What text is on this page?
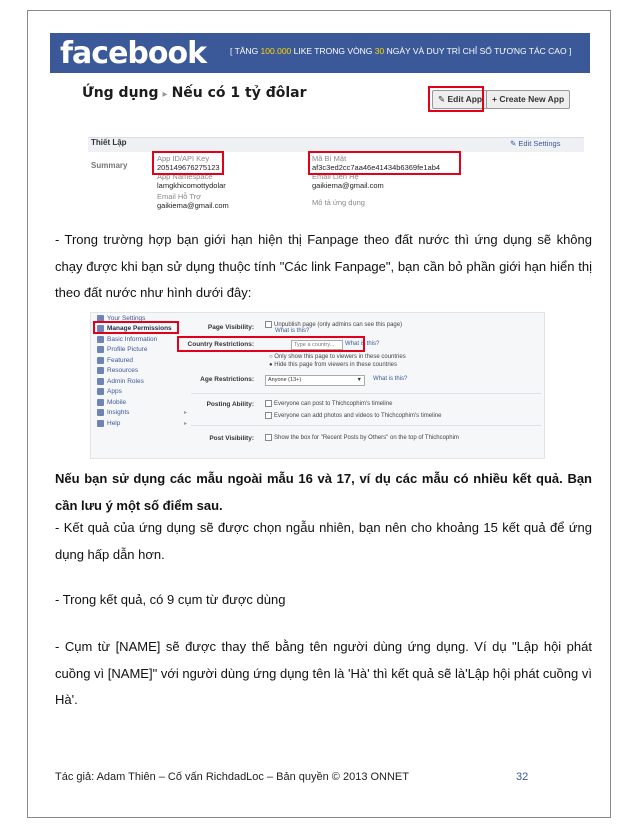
facebook	[ TĂNG 100.000 LIKE TRONG VÒNG 30 NGÀY VÀ DUY TRÌ CHỈ SỐ TƯƠNG TÁC CAO ]
Ứng dụng ▸ Nếu có 1 tỷ đôlar	✎ Edit App	+ Create New App
Thiết Lập	✎ Edit Settings
Summary
App ID/API Key
205149676275123
App Namespace
lamgkhicomottydolar
Email Hỗ Trợ
gaikiema@gmail.com
Mã Bí Mật
af3c3ed2cc7aa46e41434b6369fe1ab4
Email Liên Hệ
gaikiema@gmail.com
Mô tả ứng dụng
- Trong trường hợp bạn giới hạn hiện thị Fanpage theo đất nước thì ứng dụng sẽ không chạy được khi bạn sử dụng thuộc tính "Các link Fanpage", bạn cần bỏ phần giới hạn hiển thị theo đất nước như hình dưới đây:
Your Settings
Manage Permissions
Basic Information
Profile Picture
Featured
Resources
Admin Roles
Apps
Mobile
Insights	▸
Help	▸
Page Visibility:	Unpublish page (only admins can see this page)
What is this?
Country Restrictions:	Type a country...	What is this?
○ Only show this page to viewers in these countries
● Hide this page from viewers in these countries
Age Restrictions:	Anyone (13+)	▼ What is this?
Posting Ability:	Everyone can post to Thichcophim's timeline
Everyone can add photos and videos to Thichcophim's timeline
Post Visibility:	Show the box for "Recent Posts by Others" on the top of Thichcophim
Nếu bạn sử dụng các mẫu ngoài mẫu 16 và 17, ví dụ các mẫu có nhiều kết quả. Bạn cần lưu ý một số điểm sau.
- Kết quả của ứng dụng sẽ được chọn ngẫu nhiên, bạn nên cho khoảng 15 kết quả để ứng dụng hấp dẫn hơn.
- Trong kết quả, có 9 cụm từ được dùng
- Cụm từ [NAME] sẽ được thay thế bằng tên người dùng ứng dụng. Ví dụ "Lập hội phát cuồng vì [NAME]" với người dùng ứng dụng tên là 'Hà' thì kết quả sẽ là'Lập hội phát cuồng vì Hà'.
Tác giả: Adam Thiên – Cố vấn RichdadLoc – Bản quyền © 2013 ONNET	32
